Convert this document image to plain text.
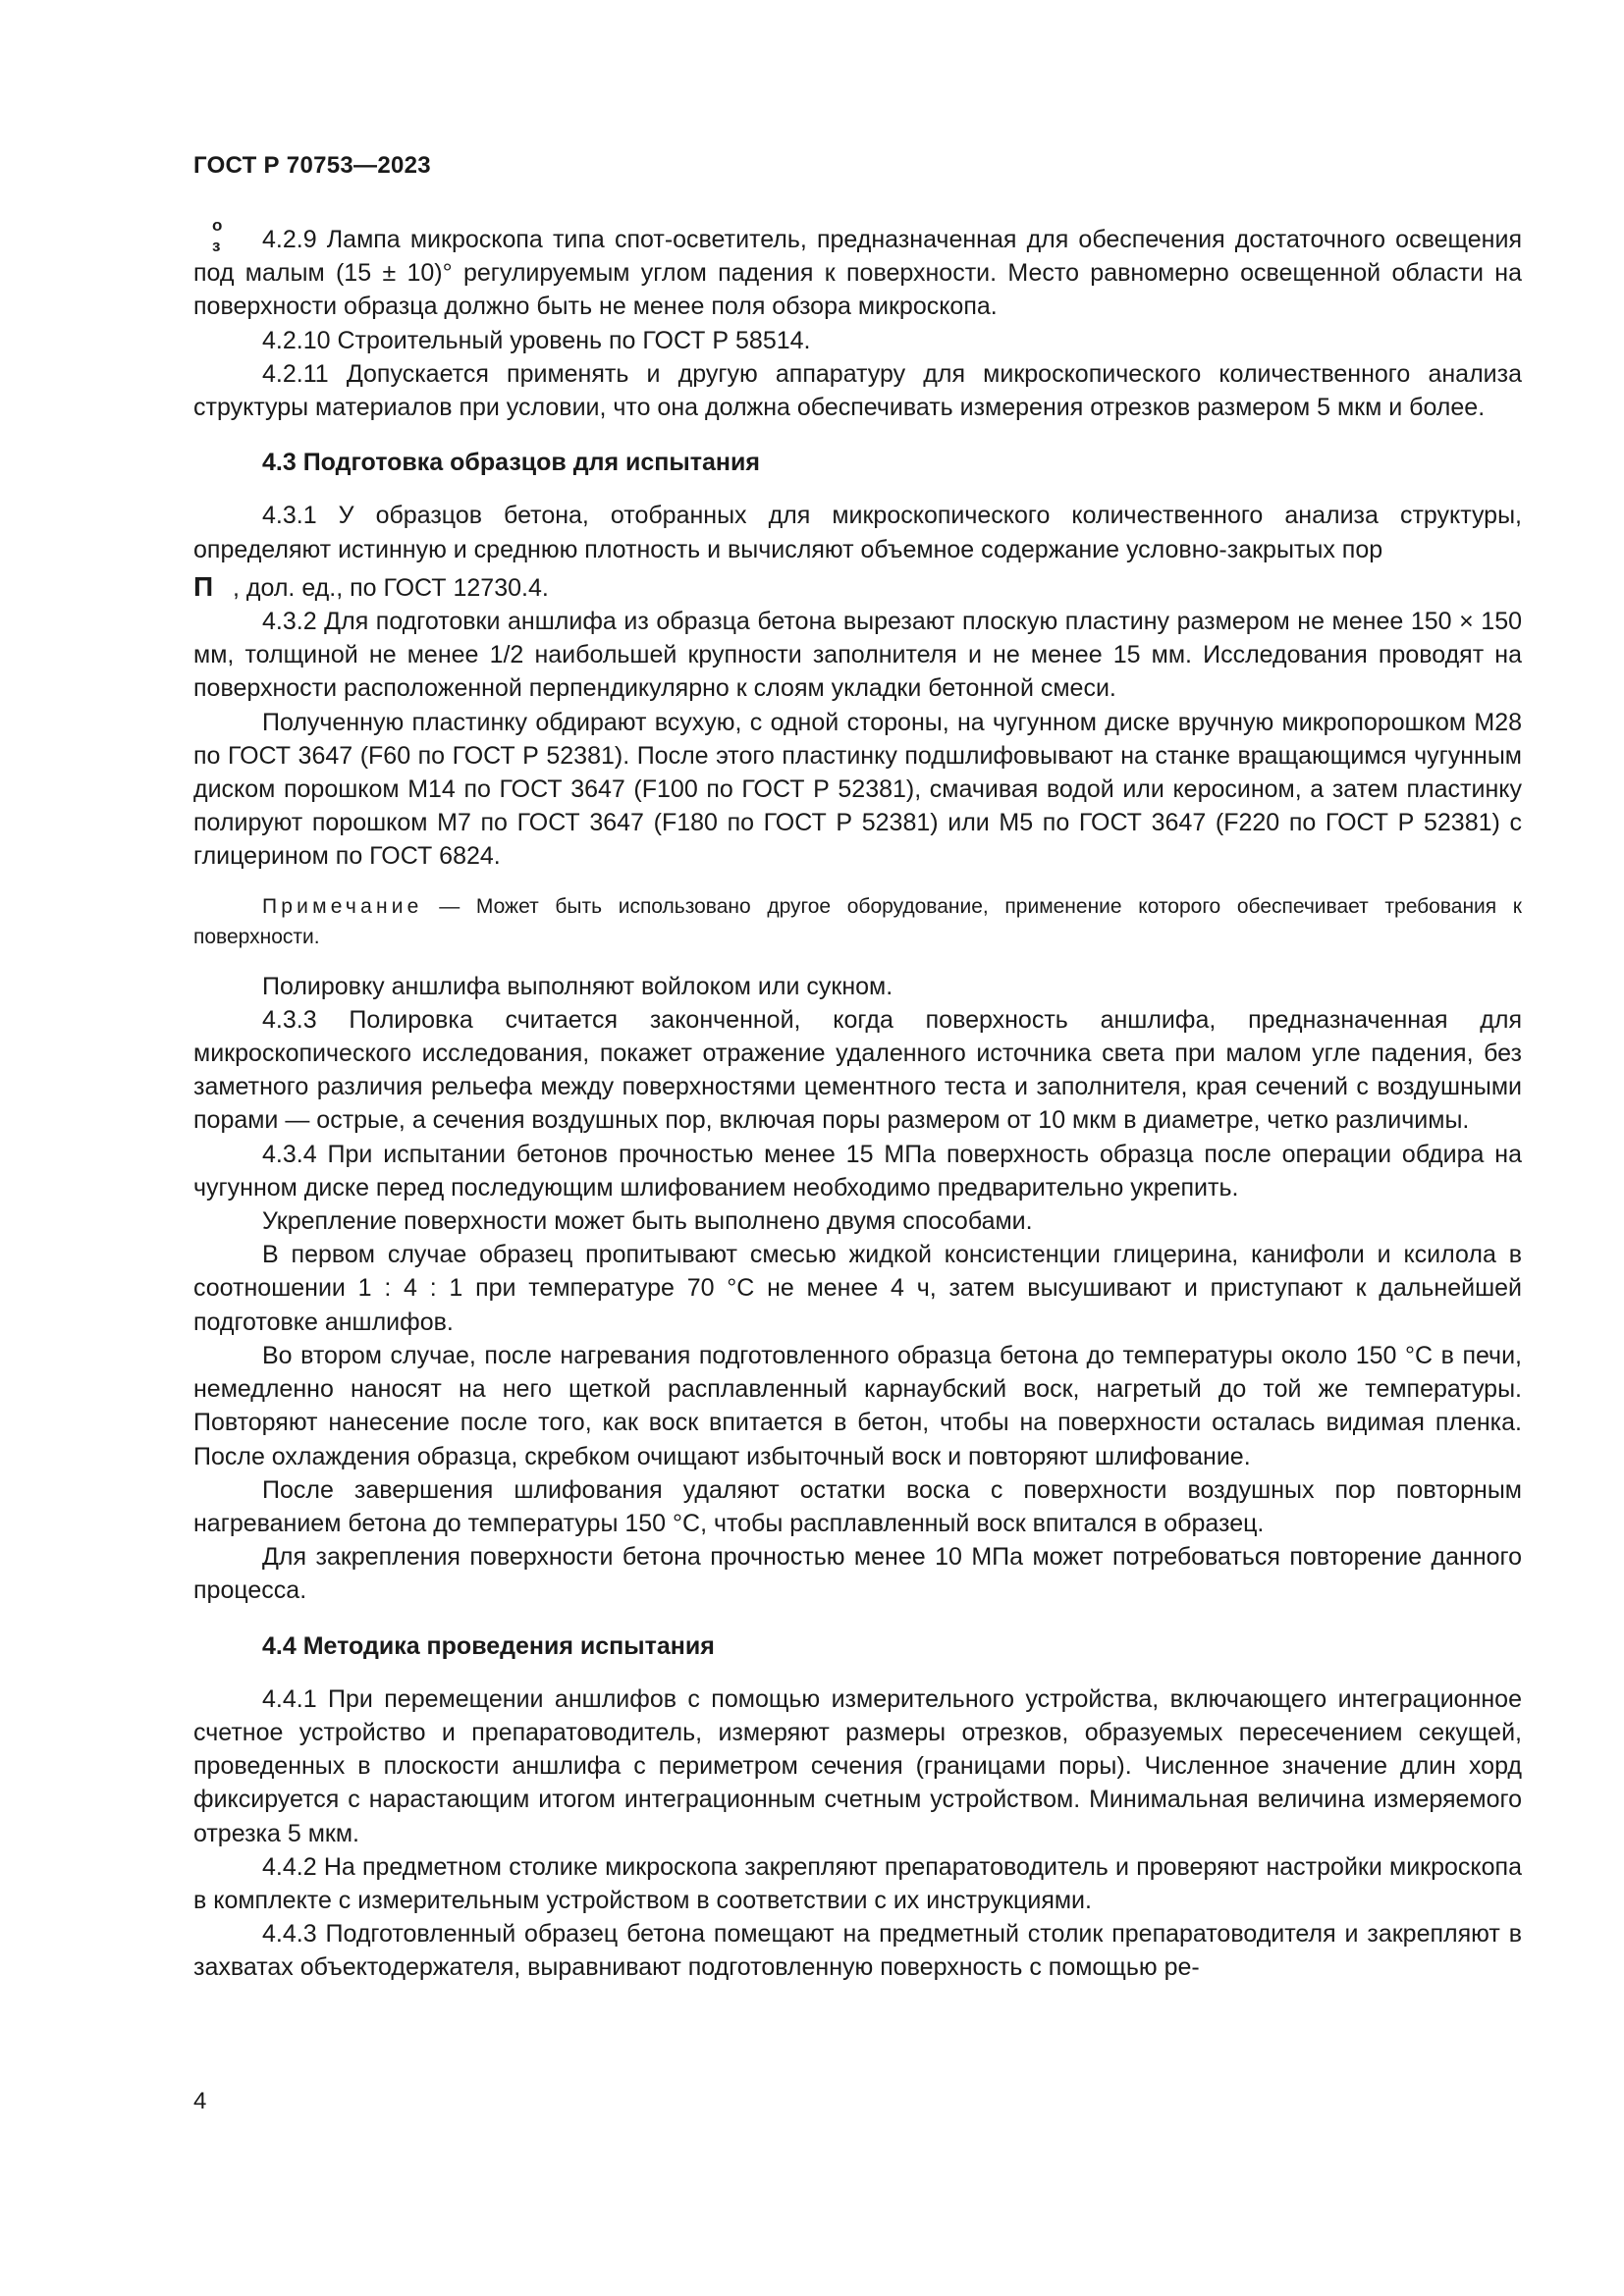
ГОСТ Р 70753—2023

4.2.9 Лампа микроскопа типа спот-осветитель, предназначенная для обеспечения достаточного освещения под малым (15 ± 10)° регулируемым углом падения к поверхности. Место равномерно освещенной области на поверхности образца должно быть не менее поля обзора микроскопа.

4.2.10 Строительный уровень по ГОСТ Р 58514.

4.2.11 Допускается применять и другую аппаратуру для микроскопического количественного анализа структуры материалов при условии, что она должна обеспечивать измерения отрезков размером 5 мкм и более.

4.3 Подготовка образцов для испытания

4.3.1 У образцов бетона, отобранных для микроскопического количественного анализа структуры, определяют истинную и среднюю плотность и вычисляют объемное содержание условно-закрытых пор

П
о
з
, дол. ед., по ГОСТ 12730.4.

4.3.2 Для подготовки аншлифа из образца бетона вырезают плоскую пластину размером не менее 150 × 150 мм, толщиной не менее 1/2 наибольшей крупности заполнителя и не менее 15 мм. Исследования проводят на поверхности расположенной перпендикулярно к слоям укладки бетонной смеси.

Полученную пластинку обдирают всухую, с одной стороны, на чугунном диске вручную микропорошком М28 по ГОСТ 3647 (F60 по ГОСТ Р 52381). После этого пластинку подшлифовывают на станке вращающимся чугунным диском порошком М14 по ГОСТ 3647 (F100 по ГОСТ Р 52381), смачивая водой или керосином, а затем пластинку полируют порошком М7 по ГОСТ 3647 (F180 по ГОСТ Р 52381) или М5 по ГОСТ 3647 (F220 по ГОСТ Р 52381) с глицерином по ГОСТ 6824.

Примечание — Может быть использовано другое оборудование, применение которого обеспечивает требования к поверхности.

Полировку аншлифа выполняют войлоком или сукном.

4.3.3 Полировка считается законченной, когда поверхность аншлифа, предназначенная для микроскопического исследования, покажет отражение удаленного источника света при малом угле падения, без заметного различия рельефа между поверхностями цементного теста и заполнителя, края сечений с воздушными порами — острые, а сечения воздушных пор, включая поры размером от 10 мкм в диаметре, четко различимы.

4.3.4 При испытании бетонов прочностью менее 15 МПа поверхность образца после операции обдира на чугунном диске перед последующим шлифованием необходимо предварительно укрепить.

Укрепление поверхности может быть выполнено двумя способами.

В первом случае образец пропитывают смесью жидкой консистенции глицерина, канифоли и ксилола в соотношении 1 : 4 : 1 при температуре 70 °С не менее 4 ч, затем высушивают и приступают к дальнейшей подготовке аншлифов.

Во втором случае, после нагревания подготовленного образца бетона до температуры около 150 °С в печи, немедленно наносят на него щеткой расплавленный карнаубский воск, нагретый до той же температуры. Повторяют нанесение после того, как воск впитается в бетон, чтобы на поверхности осталась видимая пленка. После охлаждения образца, скребком очищают избыточный воск и повторяют шлифование.

После завершения шлифования удаляют остатки воска с поверхности воздушных пор повторным нагреванием бетона до температуры 150 °С, чтобы расплавленный воск впитался в образец.

Для закрепления поверхности бетона прочностью менее 10 МПа может потребоваться повторение данного процесса.

4.4 Методика проведения испытания

4.4.1 При перемещении аншлифов с помощью измерительного устройства, включающего интеграционное счетное устройство и препаратоводитель, измеряют размеры отрезков, образуемых пересечением секущей, проведенных в плоскости аншлифа с периметром сечения (границами поры). Численное значение длин хорд фиксируется с нарастающим итогом интеграционным счетным устройством. Минимальная величина измеряемого отрезка 5 мкм.

4.4.2 На предметном столике микроскопа закрепляют препаратоводитель и проверяют настройки микроскопа в комплекте с измерительным устройством в соответствии с их инструкциями.

4.4.3 Подготовленный образец бетона помещают на предметный столик препаратоводителя и закрепляют в захватах объектодержателя, выравнивают подготовленную поверхность с помощью ре-

4
